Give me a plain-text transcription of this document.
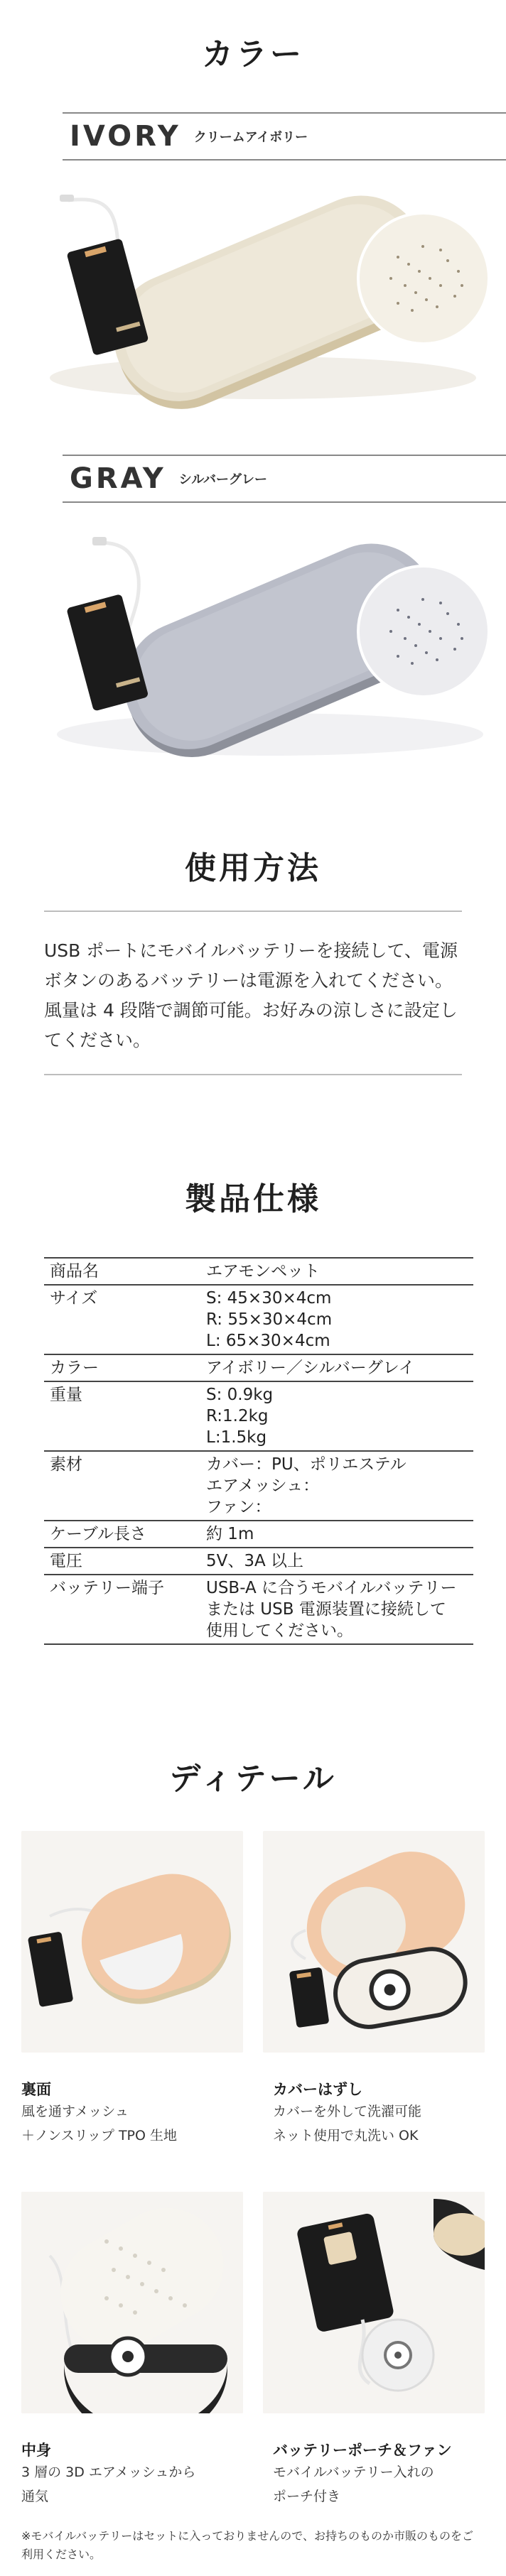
カラー
IVORY クリームアイボリー
GRAY シルバーグレー
使用方法
USB ポートにモバイルバッテリーを接続して、電源ボタンのあるバッテリーは電源を入れてください。風量は 4 段階で調節可能。お好みの涼しさに設定してください。
製品仕様
商品名	エアモンペット

サイズ	S: 45×30×4cm
R: 55×30×4cm
L: 65×30×4cm

カラー	アイボリー／シルバーグレイ

重量	S: 0.9kg
R:1.2kg
L:1.5kg

素材	カバー：PU、ポリエステル
エアメッシュ：
ファン：

ケーブル長さ	約 1m

電圧	5V、3A 以上

バッテリー端子	USB-A に合うモバイルバッテリー
または USB 電源装置に接続して
使用してください。
ディテール
裏面
風を通すメッシュ
＋ノンスリップ TPO 生地
カバーはずし
カバーを外して洗濯可能
ネット使用で丸洗い OK
中身
3 層の 3D エアメッシュから
通気
バッテリーポーチ＆ファン
モバイルバッテリー入れの
ポーチ付き
※モバイルバッテリーはセットに入っておりませんので、お持ちのものか市販のものをご利用ください。
